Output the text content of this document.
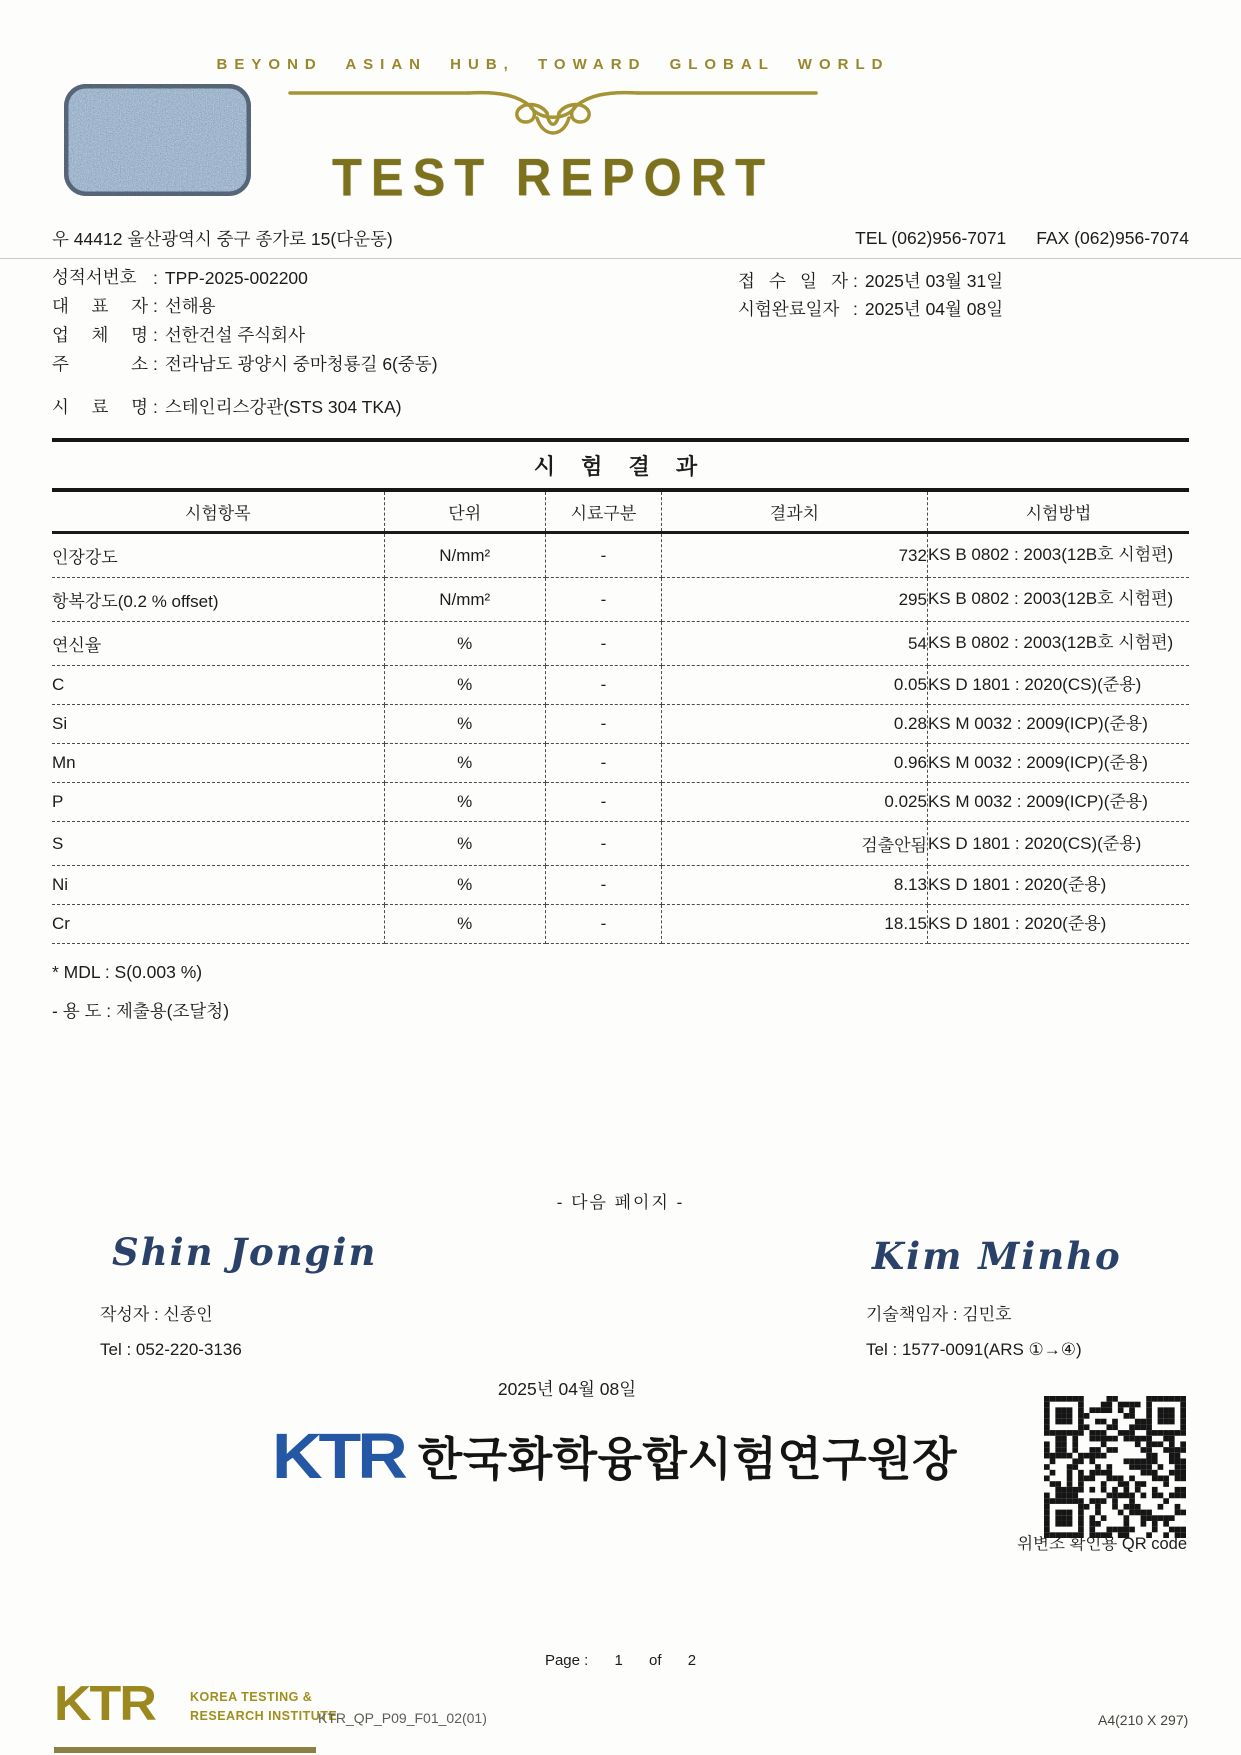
BEYOND ASIAN HUB, TOWARD GLOBAL WORLD
TEST REPORT
우 44412 울산광역시 중구 종가로 15(다운동)	TEL (062)956-7071 FAX (062)956-7074
성적서번호 : TPP-2025-002200
대 표 자 : 선해용
업 체 명 : 선한건설 주식회사
주 소 : 전라남도 광양시 중마청룡길 6(중동)
접 수 일 자 : 2025년 03월 31일
시험완료일자 : 2025년 04월 08일
시 료 명 : 스테인리스강관(STS 304 TKA)
시 험 결 과
시험항목	단위	시료구분	결과치	시험방법
인장강도	N/mm²	-	732	KS B 0802 : 2003(12B호 시험편)
항복강도(0.2 % offset)	N/mm²	-	295	KS B 0802 : 2003(12B호 시험편)
연신율	%	-	54	KS B 0802 : 2003(12B호 시험편)
C	%	-	0.05	KS D 1801 : 2020(CS)(준용)
Si	%	-	0.28	KS M 0032 : 2009(ICP)(준용)
Mn	%	-	0.96	KS M 0032 : 2009(ICP)(준용)
P	%	-	0.025	KS M 0032 : 2009(ICP)(준용)
S	%	-	검출안됨	KS D 1801 : 2020(CS)(준용)
Ni	%	-	8.13	KS D 1801 : 2020(준용)
Cr	%	-	18.15	KS D 1801 : 2020(준용)
* MDL : S(0.003 %)
- 용 도 : 제출용(조달청)
- 다음 페이지 -
Shin Jongin
작성자 : 신종인
Tel : 052-220-3136
Kim Minho
기술책임자 : 김민호
Tel : 1577-0091(ARS ①→④)
2025년 04월 08일
KTR 한국화학융합시험연구원장
위변조 확인용 QR code
Page : 1 of 2
KTR	KOREA TESTING &
RESEARCH INSTITUTE
KTR_QP_P09_F01_02(01)	A4(210 X 297)
